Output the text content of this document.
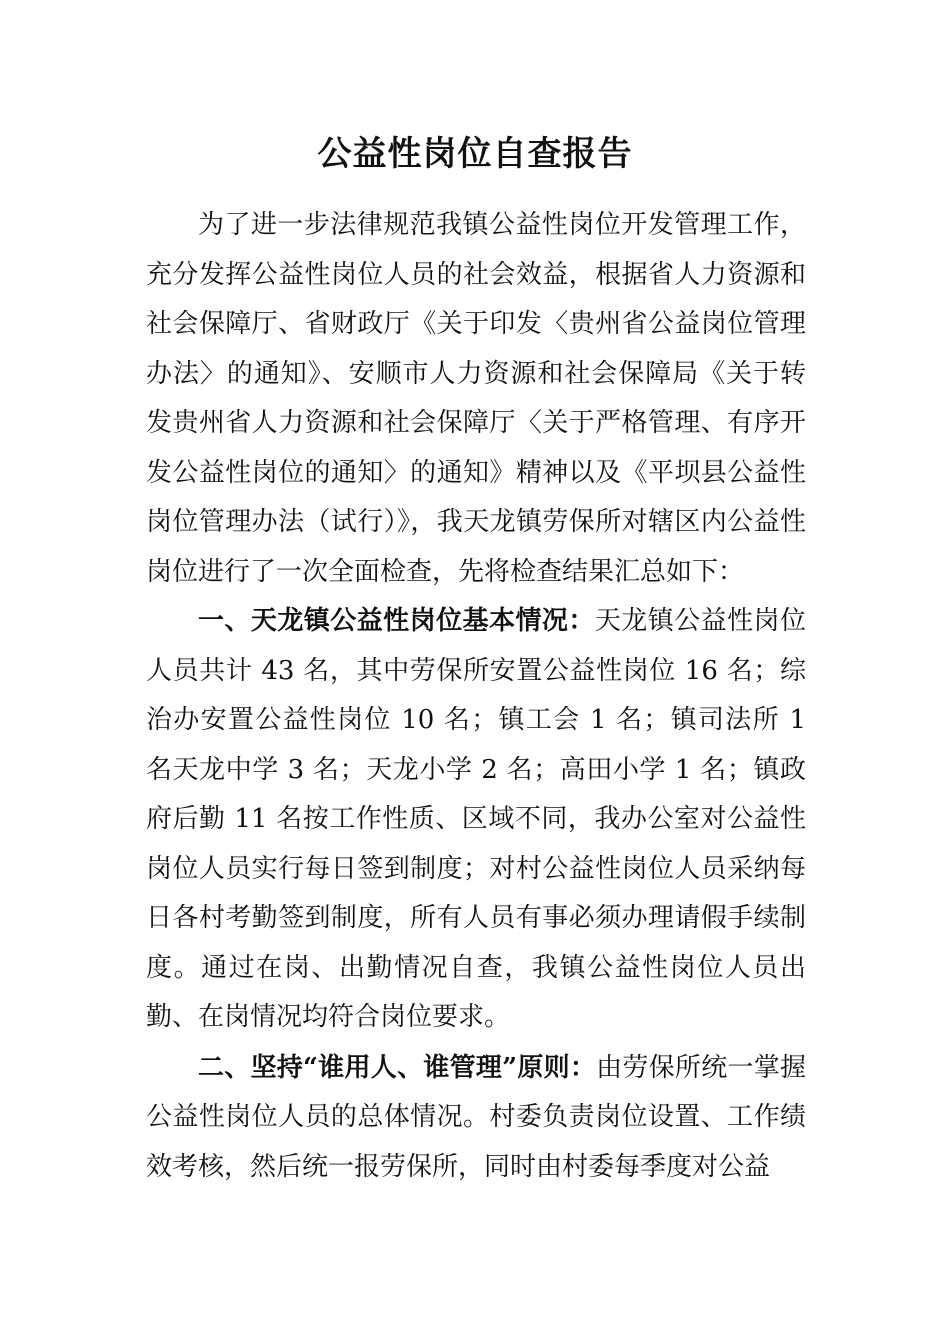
公益性岗位自查报告

为了进一步法律规范我镇公益性岗位开发管理工作，充分发挥公益性岗位人员的社会效益，根据省人力资源和社会保障厅、省财政厅《关于印发〈贵州省公益岗位管理办法〉的通知》、安顺市人力资源和社会保障局《关于转发贵州省人力资源和社会保障厅〈关于严格管理、有序开发公益性岗位的通知〉的通知》精神以及《平坝县公益性岗位管理办法（试行）》，我天龙镇劳保所对辖区内公益性岗位进行了一次全面检查，先将检查结果汇总如下：

一、天龙镇公益性岗位基本情况：天龙镇公益性岗位人员共计 43 名，其中劳保所安置公益性岗位 16 名；综治办安置公益性岗位 10 名；镇工会 1 名；镇司法所 1 名天龙中学 3 名；天龙小学 2 名；高田小学 1 名；镇政府后勤 11 名按工作性质、区域不同，我办公室对公益性岗位人员实行每日签到制度；对村公益性岗位人员采纳每日各村考勤签到制度，所有人员有事必须办理请假手续制度。通过在岗、出勤情况自查，我镇公益性岗位人员出勤、在岗情况均符合岗位要求。

二、坚持“谁用人、谁管理”原则：由劳保所统一掌握公益性岗位人员的总体情况。村委负责岗位设置、工作绩效考核，然后统一报劳保所，同时由村委每季度对公益
